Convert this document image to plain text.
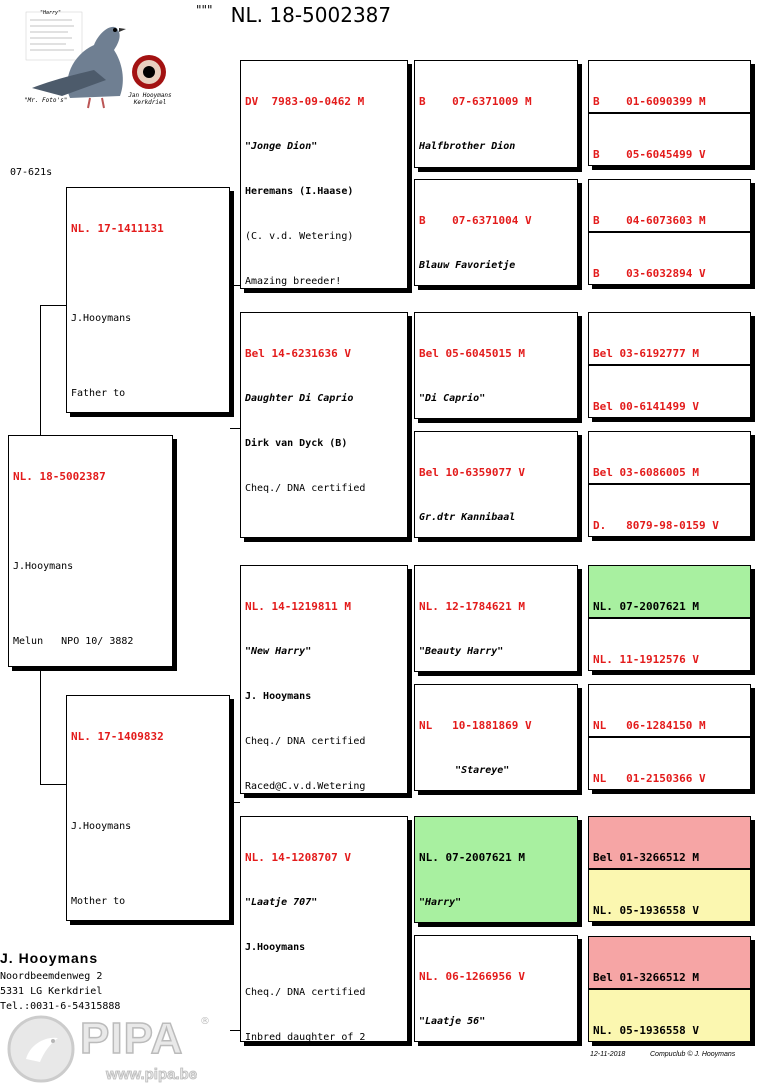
""" NL. 18-5002387
"Harry"
"Mr. Foto's"
Jan Hooymans Kerkdriel
07-621s

NL. 18-5002387

J.Hooymans

Melun   NPO 10/ 3882

NL. 17-1411131

J.Hooymans

Father to

NL. 17-1409832

J.Hooymans

Mother to

DV  7983-09-0462 M

"Jonge Dion"

Heremans (I.Haase)

(C. v.d. Wetering)

Amazing breeder!

Bel 14-6231636 V

Daughter Di Caprio

Dirk van Dyck (B)

Cheq./ DNA certified

NL. 14-1219811 M

"New Harry"

J. Hooymans

Cheq./ DNA certified

Raced@C.v.d.Wetering

NL. 14-1208707 V

"Laatje 707"

J.Hooymans

Cheq./ DNA certified

Inbred daughter of 2

B    07-6371009 M

Halfbrother Dion

B    07-6371004 V

Blauw Favorietje

Bel 05-6045015 M

"Di Caprio"

Bel 10-6359077 V

Gr.dtr Kannibaal

NL. 12-1784621 M

"Beauty Harry"

NL   10-1881869 V

"Stareye"

NL. 07-2007621 M

"Harry"

NL. 06-1266956 V

"Laatje 56"

B    01-6090399 M

B    05-6045499 V

B    04-6073603 M

B    03-6032894 V

Bel 03-6192777 M

Bel 00-6141499 V

Bel 03-6086005 M

D.   8079-98-0159 V

NL. 07-2007621 M

NL. 11-1912576 V

NL   06-1284150 M

NL   01-2150366 V

Bel 01-3266512 M

NL. 05-1936558 V

Bel 01-3266512 M

NL. 05-1936558 V

J. Hooymans
Noordbeemdenweg 2
5331 LG Kerkdriel
Tel.:0031-6-54315888
PIPA ®
www.pipa.be
12-11-2018	Compuclub © J. Hooymans
